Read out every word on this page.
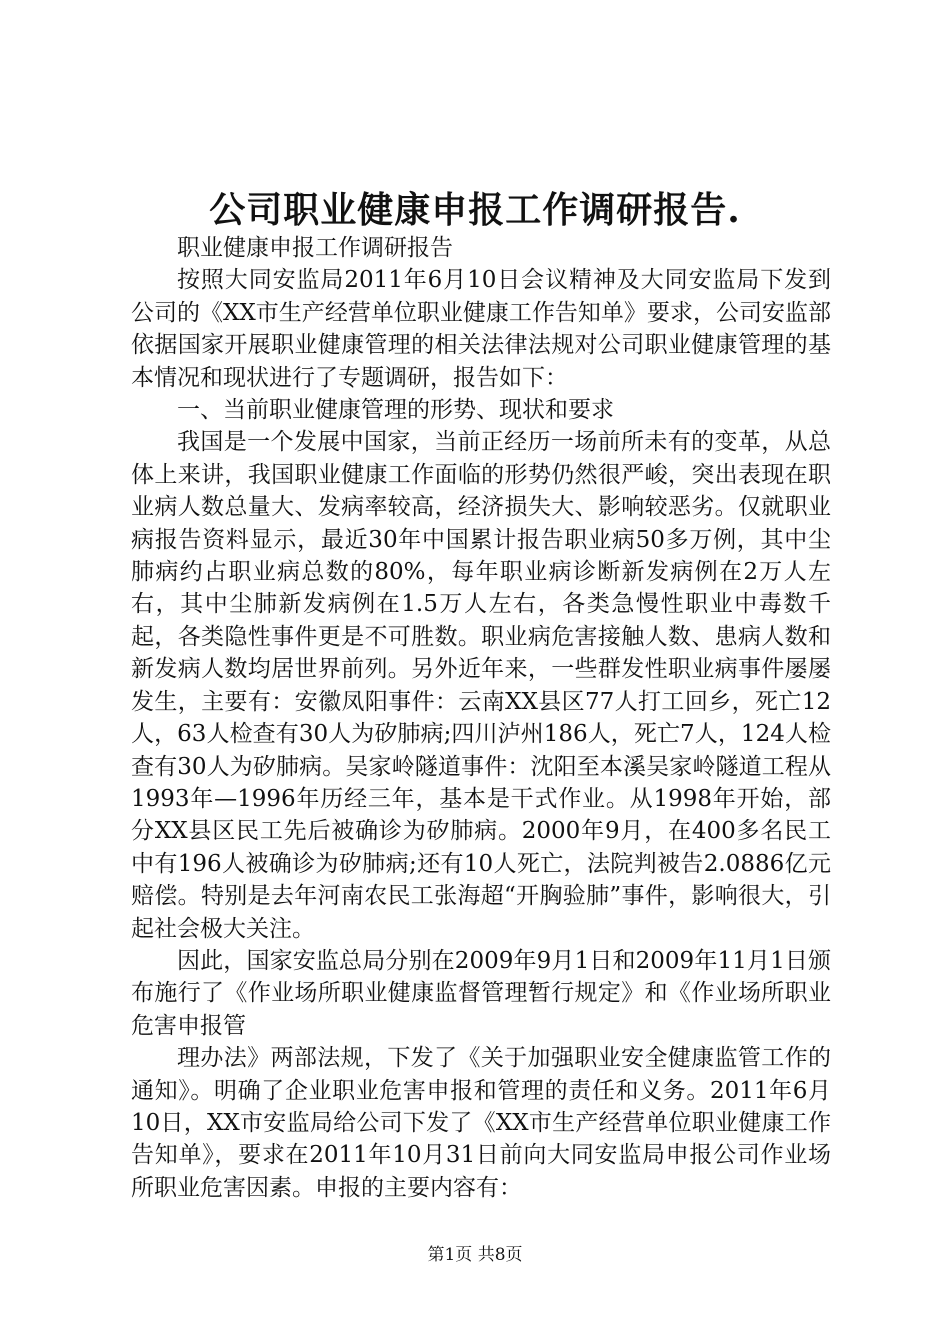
公司职业健康申报工作调研报告.

职业健康申报工作调研报告

按照大同安监局2011年6月10日会议精神及大同安监局下发到公司的《XX市生产经营单位职业健康工作告知单》要求，公司安监部依据国家开展职业健康管理的相关法律法规对公司职业健康管理的基本情况和现状进行了专题调研，报告如下：

一、当前职业健康管理的形势、现状和要求

我国是一个发展中国家，当前正经历一场前所未有的变革，从总体上来讲，我国职业健康工作面临的形势仍然很严峻，突出表现在职业病人数总量大、发病率较高，经济损失大、影响较恶劣。仅就职业病报告资料显示，最近30年中国累计报告职业病50多万例，其中尘肺病约占职业病总数的80%，每年职业病诊断新发病例在2万人左右，其中尘肺新发病例在1.5万人左右，各类急慢性职业中毒数千起，各类隐性事件更是不可胜数。职业病危害接触人数、患病人数和新发病人数均居世界前列。另外近年来，一些群发性职业病事件屡屡发生，主要有：安徽凤阳事件：云南XX县区77人打工回乡，死亡12人，63人检查有30人为矽肺病;四川泸州186人，死亡7人，124人检查有30人为矽肺病。吴家岭隧道事件：沈阳至本溪吴家岭隧道工程从1993年—1996年历经三年，基本是干式作业。从1998年开始，部分XX县区民工先后被确诊为矽肺病。2000年9月，在400多名民工中有196人被确诊为矽肺病;还有10人死亡，法院判被告2.0886亿元赔偿。特别是去年河南农民工张海超“开胸验肺”事件，影响很大，引起社会极大关注。

因此，国家安监总局分别在2009年9月1日和2009年11月1日颁布施行了《作业场所职业健康监督管理暂行规定》和《作业场所职业危害申报管

理办法》两部法规，下发了《关于加强职业安全健康监管工作的通知》。明确了企业职业危害申报和管理的责任和义务。2011年6月10日，XX市安监局给公司下发了《XX市生产经营单位职业健康工作告知单》，要求在2011年10月31日前向大同安监局申报公司作业场所职业危害因素。申报的主要内容有：

第1页 共8页
